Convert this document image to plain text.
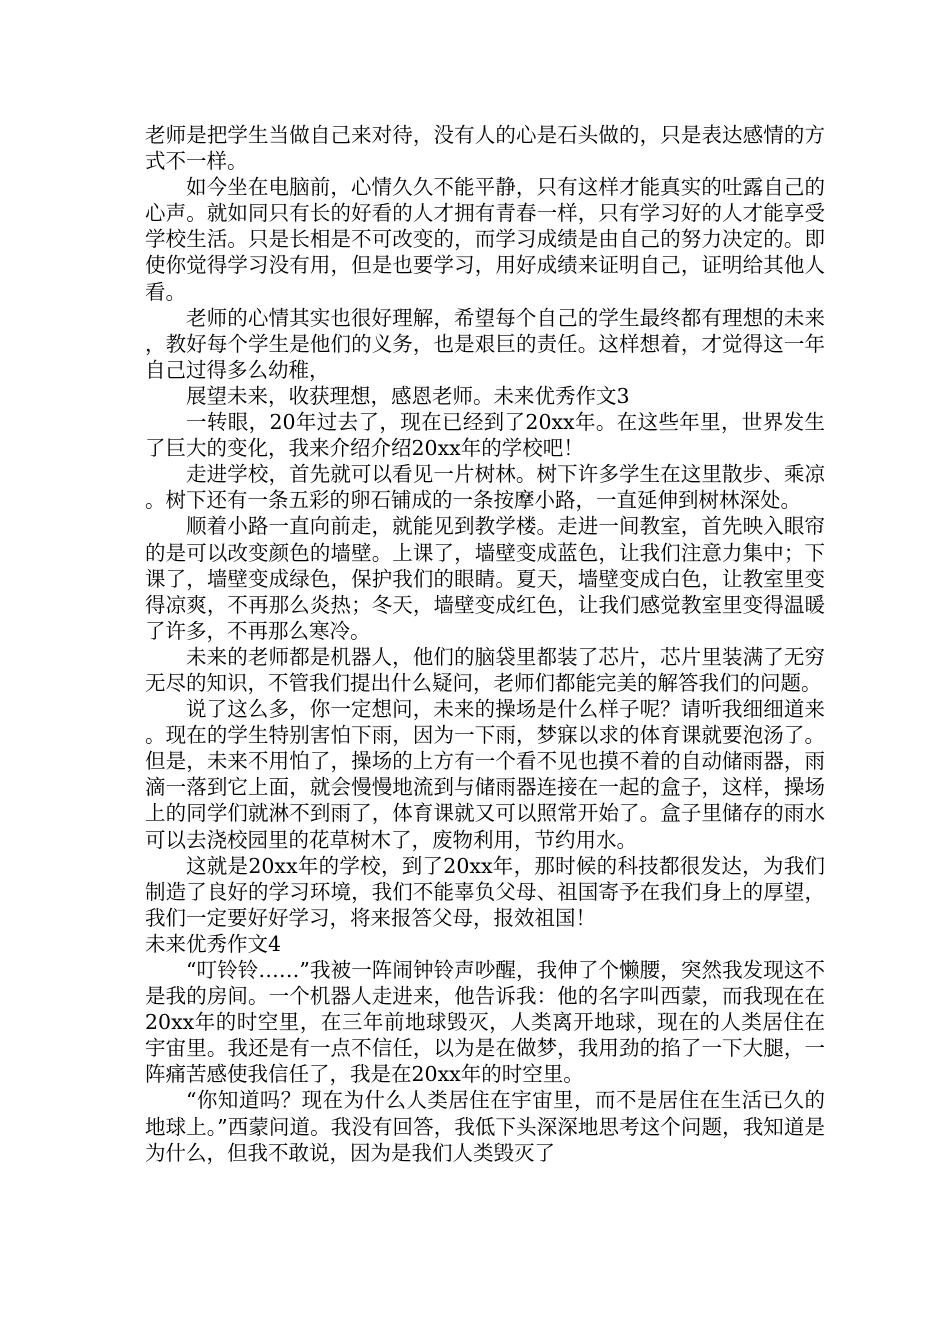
老师是把学生当做自己来对待，没有人的心是石头做的，只是表达感情的方式不一样。

如今坐在电脑前，心情久久不能平静，只有这样才能真实的吐露自己的心声。就如同只有长的好看的人才拥有青春一样，只有学习好的人才能享受学校生活。只是长相是不可改变的，而学习成绩是由自己的努力决定的。即使你觉得学习没有用，但是也要学习，用好成绩来证明自己，证明给其他人看。

老师的心情其实也很好理解，希望每个自己的学生最终都有理想的未来，教好每个学生是他们的义务，也是艰巨的责任。这样想着，才觉得这一年自己过得多么幼稚，

展望未来，收获理想，感恩老师。未来优秀作文3

一转眼，20年过去了，现在已经到了20xx年。在这些年里，世界发生了巨大的变化，我来介绍介绍20xx年的学校吧！

走进学校，首先就可以看见一片树林。树下许多学生在这里散步、乘凉。树下还有一条五彩的卵石铺成的一条按摩小路，一直延伸到树林深处。

顺着小路一直向前走，就能见到教学楼。走进一间教室，首先映入眼帘的是可以改变颜色的墙壁。上课了，墙壁变成蓝色，让我们注意力集中；下课了，墙壁变成绿色，保护我们的眼睛。夏天，墙壁变成白色，让教室里变得凉爽，不再那么炎热；冬天，墙壁变成红色，让我们感觉教室里变得温暖了许多，不再那么寒冷。

未来的老师都是机器人，他们的脑袋里都装了芯片，芯片里装满了无穷无尽的知识，不管我们提出什么疑问，老师们都能完美的解答我们的问题。

说了这么多，你一定想问，未来的操场是什么样子呢？请听我细细道来。现在的学生特别害怕下雨，因为一下雨，梦寐以求的体育课就要泡汤了。但是，未来不用怕了，操场的上方有一个看不见也摸不着的自动储雨器，雨滴一落到它上面，就会慢慢地流到与储雨器连接在一起的盒子，这样，操场上的同学们就淋不到雨了，体育课就又可以照常开始了。盒子里储存的雨水可以去浇校园里的花草树木了，废物利用，节约用水。

这就是20xx年的学校，到了20xx年，那时候的科技都很发达，为我们制造了良好的学习环境，我们不能辜负父母、祖国寄予在我们身上的厚望，我们一定要好好学习，将来报答父母，报效祖国！

未来优秀作文4

“叮铃铃……”我被一阵闹钟铃声吵醒，我伸了个懒腰，突然我发现这不是我的房间。一个机器人走进来，他告诉我：他的名字叫西蒙，而我现在在20xx年的时空里，在三年前地球毁灭，人类离开地球，现在的人类居住在宇宙里。我还是有一点不信任，以为是在做梦，我用劲的掐了一下大腿，一阵痛苦感使我信任了，我是在20xx年的时空里。

“你知道吗？现在为什么人类居住在宇宙里，而不是居住在生活已久的地球上。”西蒙问道。我没有回答，我低下头深深地思考这个问题，我知道是为什么，但我不敢说，因为是我们人类毁灭了
